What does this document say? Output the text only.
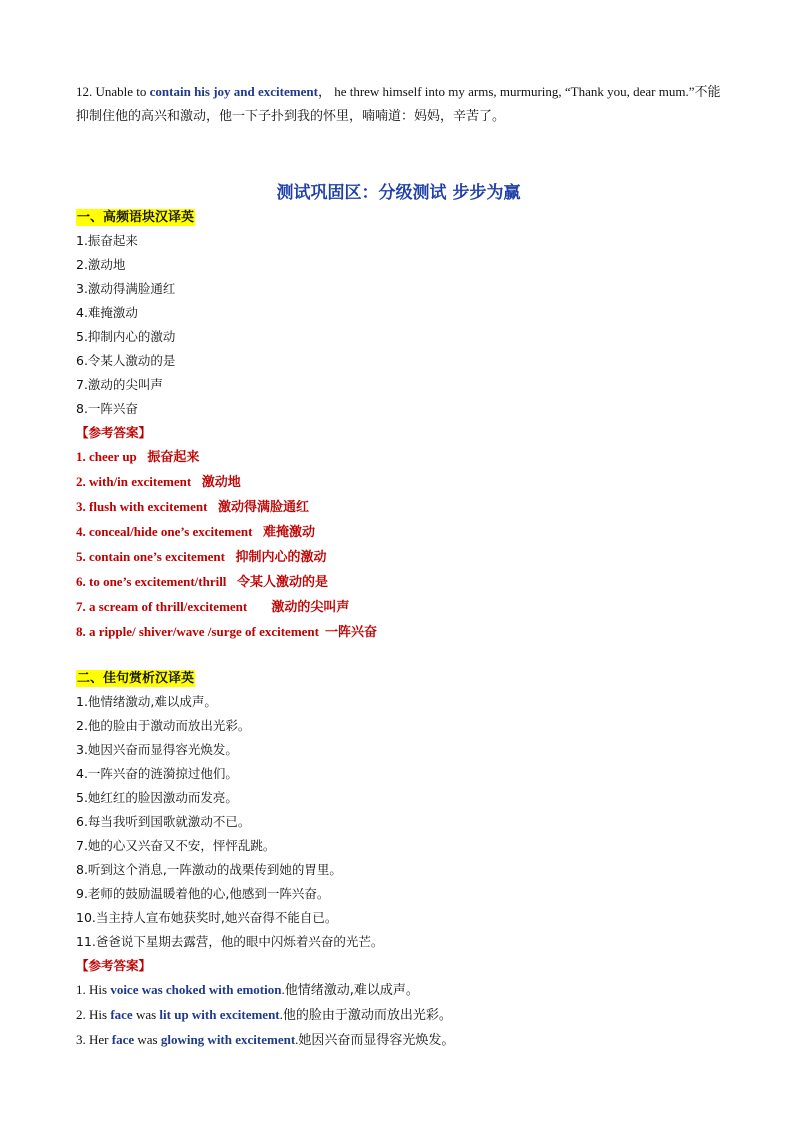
12. Unable to contain his joy and excitement， he threw himself into my arms, murmuring, “Thank you, dear mum.”不能抑制住他的高兴和激动，他一下子扑到我的怀里，喃喃道：妈妈，辛苦了。

测试巩固区：分级测试 步步为赢

一、高频语块汉译英

1.振奋起来
2.激动地
3.激动得满脸通红
4.难掩激动
5.抑制内心的激动
6.令某人激动的是
7.激动的尖叫声
8.一阵兴奋
【参考答案】
1. cheer up 振奋起来
2. with/in excitement 激动地
3. flush with excitement 激动得满脸通红
4. conceal/hide one’s excitement 难掩激动
5. contain one’s excitement 抑制内心的激动
6. to one’s excitement/thrill 令某人激动的是
7. a scream of thrill/excitement    激动的尖叫声
8. a ripple/ shiver/wave /surge of excitement 一阵兴奋

二、佳句赏析汉译英

1.他情绪激动,难以成声。
2.他的脸由于激动而放出光彩。
3.她因兴奋而显得容光焕发。
4.一阵兴奋的涟漪掠过他们。
5.她红红的脸因激动而发亮。
6.每当我听到国歌就激动不已。
7.她的心又兴奋又不安，怦怦乱跳。
8.听到这个消息,一阵激动的战栗传到她的胃里。
9.老师的鼓励温暖着他的心,他感到一阵兴奋。
10.当主持人宣布她获奖时,她兴奋得不能自已。
11.爸爸说下星期去露营，他的眼中闪烁着兴奋的光芒。
【参考答案】
1. His voice was choked with emotion.他情绪激动,难以成声。
2. His face was lit up with excitement.他的脸由于激动而放出光彩。
3. Her face was glowing with excitement.她因兴奋而显得容光焕发。
